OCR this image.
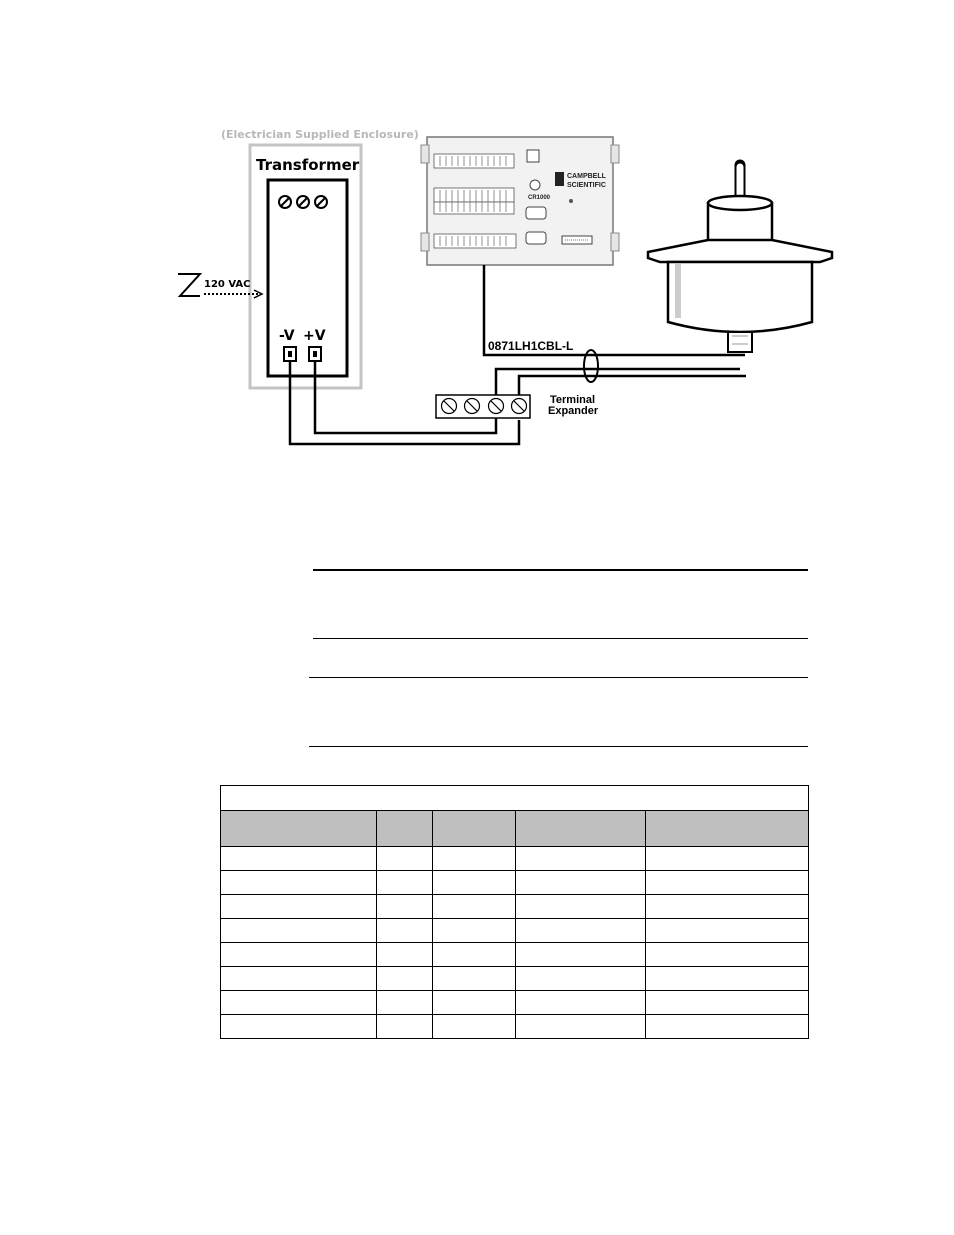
(Electrician Supplied Enclosure)
Transformer
-V +V
120 VAC
CAMPBELL
SCIENTIFIC
CR1000
0871LH1CBL-L
Terminal
Expander
